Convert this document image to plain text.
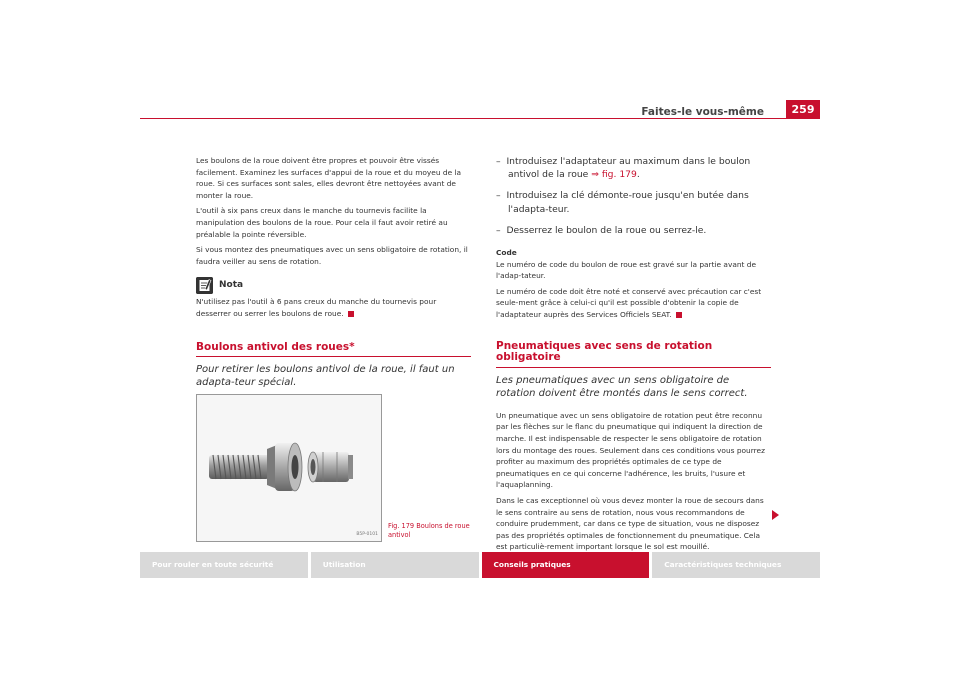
Faites-le vous-même	259

Les boulons de la roue doivent être propres et pouvoir être vissés facilement. Examinez les surfaces d'appui de la roue et du moyeu de la roue. Si ces surfaces sont sales, elles devront être nettoyées avant de monter la roue.

L'outil à six pans creux dans le manche du tournevis facilite la manipulation des boulons de la roue. Pour cela il faut avoir retiré au préalable la pointe réversible.

Si vous montez des pneumatiques avec un sens obligatoire de rotation, il faudra veiller au sens de rotation.

Nota

N'utilisez pas l'outil à 6 pans creux du manche du tournevis pour desserrer ou serrer les boulons de roue.

Boulons antivol des roues*
Pour retirer les boulons antivol de la roue, il faut un adapta-teur spécial.
B5P-0101
Fig. 179 Boulons de roue antivol
– Introduisez l'adaptateur au maximum dans le boulon antivol de la roue ⇒ fig. 179.
– Introduisez la clé démonte-roue jusqu'en butée dans l'adapta-teur.
– Desserrez le boulon de la roue ou serrez-le.
Code

Le numéro de code du boulon de roue est gravé sur la partie avant de l'adap-tateur.

Le numéro de code doit être noté et conservé avec précaution car c'est seule-ment grâce à celui-ci qu'il est possible d'obtenir la copie de l'adaptateur auprès des Services Officiels SEAT.

Pneumatiques avec sens de rotation obligatoire
Les pneumatiques avec un sens obligatoire de rotation doivent être montés dans le sens correct.

Un pneumatique avec un sens obligatoire de rotation peut être reconnu par les flèches sur le flanc du pneumatique qui indiquent la direction de marche. Il est indispensable de respecter le sens obligatoire de rotation lors du montage des roues. Seulement dans ces conditions vous pourrez profiter au maximum des propriétés optimales de ce type de pneumatiques en ce qui concerne l'adhérence, les bruits, l'usure et l'aquaplanning.

Dans le cas exceptionnel où vous devez monter la roue de secours dans le sens contraire au sens de rotation, nous vous recommandons de conduire prudemment, car dans ce type de situation, vous ne disposez pas des propriétés optimales de fonctionnement du pneumatique. Cela est particuliè-rement important lorsque le sol est mouillé.

Pour rouler en toute sécurité	Utilisation	Conseils pratiques	Caractéristiques techniques
